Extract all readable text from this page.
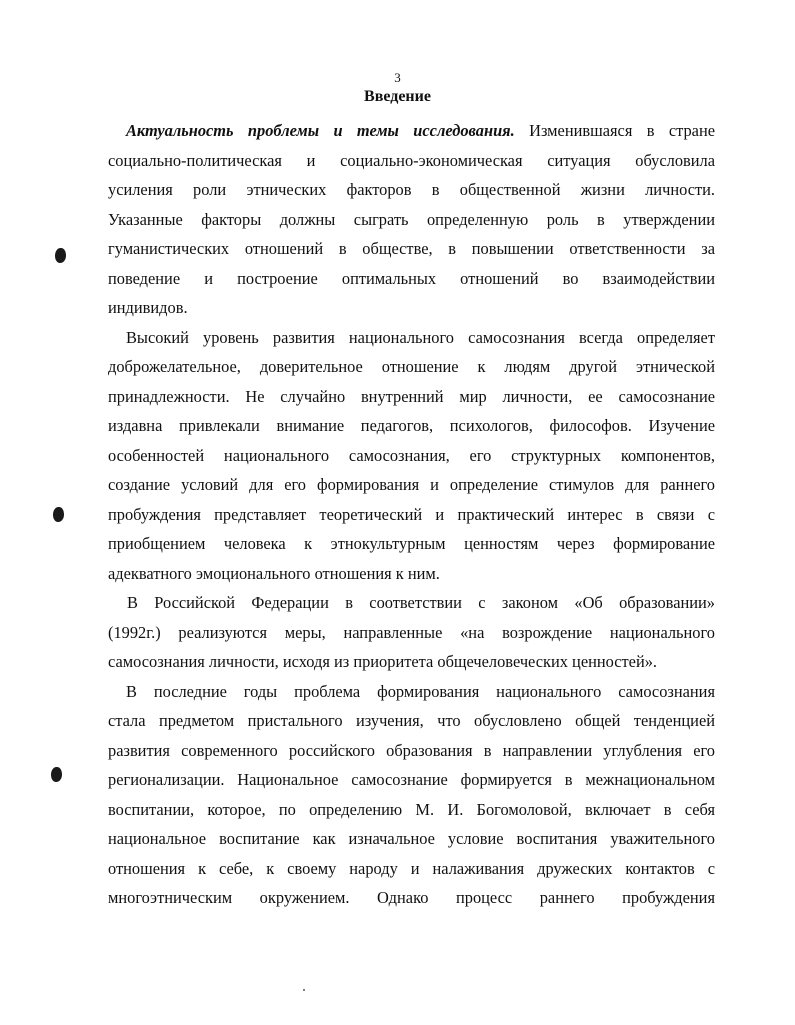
3
Введение
Актуальность проблемы и темы исследования. Изменившаяся в стране
социально-политическая и социально-экономическая ситуация обусловила
усиления роли этнических факторов в общественной жизни личности.
Указанные факторы должны сыграть определенную роль в утверждении
гуманистических отношений в обществе, в повышении ответственности за
поведение и построение оптимальных отношений во взаимодействии
индивидов.
Высокий уровень развития национального самосознания всегда определяет
доброжелательное, доверительное отношение к людям другой этнической
принадлежности. Не случайно внутренний мир личности, ее самосознание
издавна привлекали внимание педагогов, психологов, философов. Изучение
особенностей национального самосознания, его структурных компонентов,
создание условий для его формирования и определение стимулов для раннего
пробуждения представляет теоретический и практический интерес в связи с
приобщением человека к этнокультурным ценностям через формирование
адекватного эмоционального отношения к ним.
В Российской Федерации в соответствии с законом «Об образовании»
(1992г.) реализуются меры, направленные «на возрождение национального
самосознания личности, исходя из приоритета общечеловеческих ценностей».
В последние годы проблема формирования национального самосознания
стала предметом пристального изучения, что обусловлено общей тенденцией
развития современного российского образования в направлении углубления его
регионализации. Национальное самосознание формируется в межнациональном
воспитании, которое, по определению М. И. Богомоловой, включает в себя
национальное воспитание как изначальное условие воспитания уважительного
отношения к себе, к своему народу и налаживания дружеских контактов с
многоэтническим окружением. Однако процесс раннего пробуждения
